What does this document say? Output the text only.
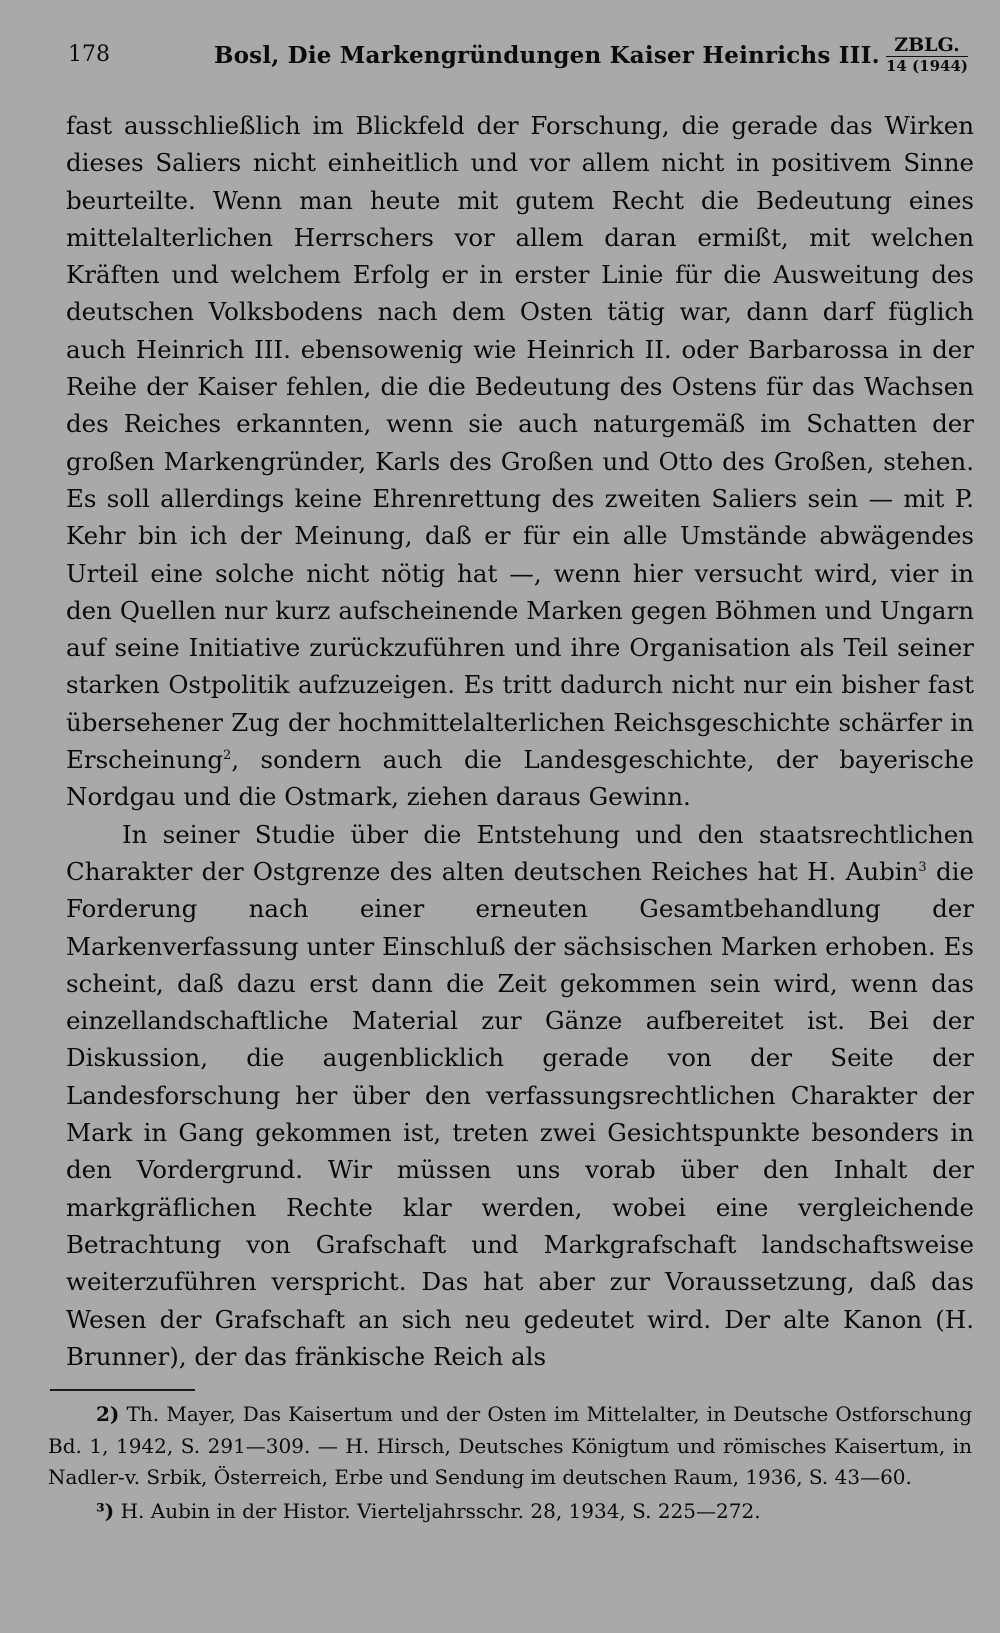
178	Bosl, Die Markengründungen Kaiser Heinrichs III. ZBLG.
14 (1944)

fast ausschließlich im Blickfeld der Forschung, die gerade das Wirken dieses Saliers nicht einheitlich und vor allem nicht in positivem Sinne beurteilte. Wenn man heute mit gutem Recht die Bedeutung eines mittelalterlichen Herrschers vor allem daran ermißt, mit welchen Kräften und welchem Erfolg er in erster Linie für die Ausweitung des deutschen Volksbodens nach dem Osten tätig war, dann darf füglich auch Heinrich III. ebensowenig wie Heinrich II. oder Barbarossa in der Reihe der Kaiser fehlen, die die Bedeutung des Ostens für das Wachsen des Reiches erkannten, wenn sie auch naturgemäß im Schatten der großen Markengründer, Karls des Großen und Otto des Großen, stehen. Es soll allerdings keine Ehrenrettung des zweiten Saliers sein — mit P. Kehr bin ich der Meinung, daß er für ein alle Umstände abwägendes Urteil eine solche nicht nötig hat —, wenn hier versucht wird, vier in den Quellen nur kurz aufscheinende Marken gegen Böhmen und Ungarn auf seine Initiative zurückzuführen und ihre Organisation als Teil seiner starken Ostpolitik aufzuzeigen. Es tritt dadurch nicht nur ein bisher fast übersehener Zug der hochmittelalterlichen Reichsgeschichte schärfer in Erscheinung$^2$, sondern auch die Landesgeschichte, der bayerische Nordgau und die Ostmark, ziehen daraus Gewinn.

In seiner Studie über die Entstehung und den staatsrechtlichen Charakter der Ostgrenze des alten deutschen Reiches hat H. Aubin$^3$ die Forderung nach einer erneuten Gesamtbehandlung der Markenverfassung unter Einschluß der sächsischen Marken erhoben. Es scheint, daß dazu erst dann die Zeit gekommen sein wird, wenn das einzellandschaftliche Material zur Gänze aufbereitet ist. Bei der Diskussion, die augenblicklich gerade von der Seite der Landesforschung her über den verfassungsrechtlichen Charakter der Mark in Gang gekommen ist, treten zwei Gesichtspunkte besonders in den Vordergrund. Wir müssen uns vorab über den Inhalt der markgräflichen Rechte klar werden, wobei eine vergleichende Betrachtung von Grafschaft und Markgrafschaft landschaftsweise weiterzuführen verspricht. Das hat aber zur Voraussetzung, daß das Wesen der Grafschaft an sich neu gedeutet wird. Der alte Kanon (H. Brunner), der das fränkische Reich als

2) Th. Mayer, Das Kaisertum und der Osten im Mittelalter, in Deutsche Ostforschung Bd. 1, 1942, S. 291—309. — H. Hirsch, Deutsches Königtum und römisches Kaisertum, in Nadler-v. Srbik, Österreich, Erbe und Sendung im deutschen Raum, 1936, S. 43—60.

³) H. Aubin in der Histor. Vierteljahrsschr. 28, 1934, S. 225—272.
